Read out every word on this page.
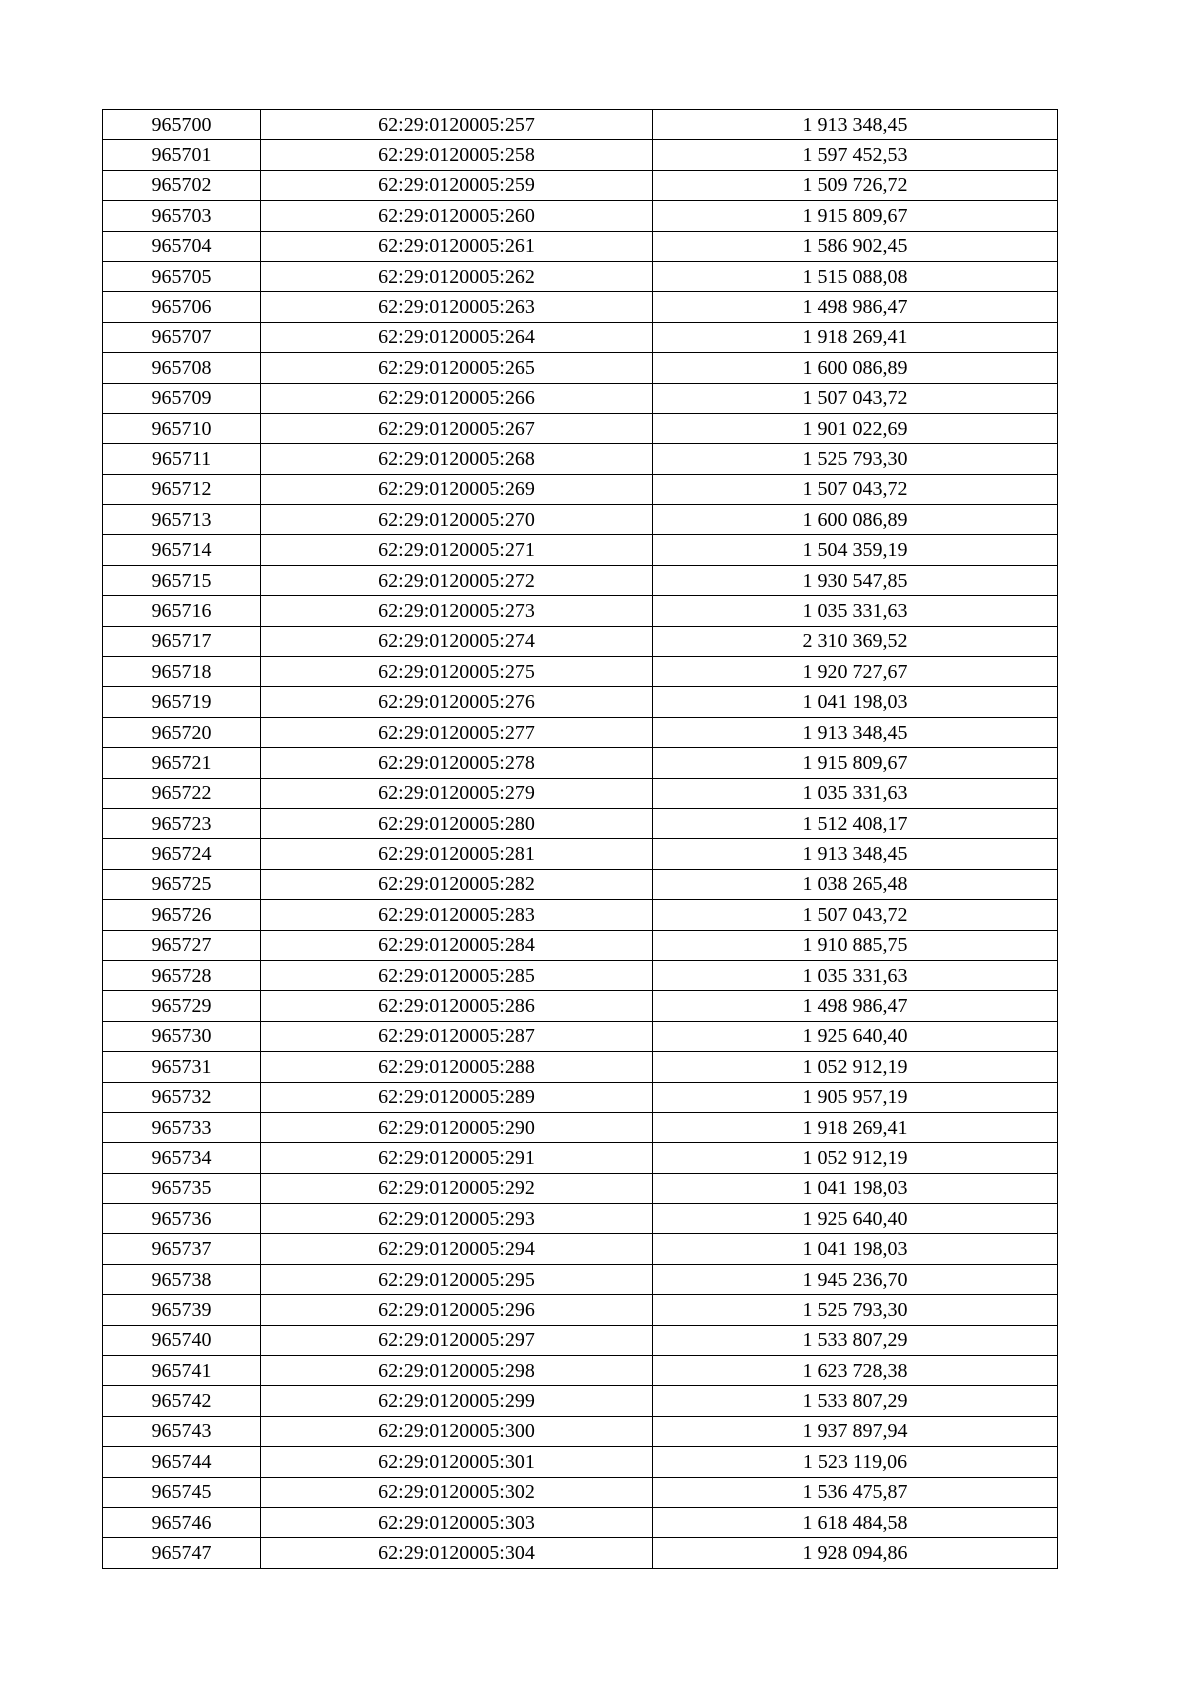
965700	62:29:0120005:257	1 913 348,45
965701	62:29:0120005:258	1 597 452,53
965702	62:29:0120005:259	1 509 726,72
965703	62:29:0120005:260	1 915 809,67
965704	62:29:0120005:261	1 586 902,45
965705	62:29:0120005:262	1 515 088,08
965706	62:29:0120005:263	1 498 986,47
965707	62:29:0120005:264	1 918 269,41
965708	62:29:0120005:265	1 600 086,89
965709	62:29:0120005:266	1 507 043,72
965710	62:29:0120005:267	1 901 022,69
965711	62:29:0120005:268	1 525 793,30
965712	62:29:0120005:269	1 507 043,72
965713	62:29:0120005:270	1 600 086,89
965714	62:29:0120005:271	1 504 359,19
965715	62:29:0120005:272	1 930 547,85
965716	62:29:0120005:273	1 035 331,63
965717	62:29:0120005:274	2 310 369,52
965718	62:29:0120005:275	1 920 727,67
965719	62:29:0120005:276	1 041 198,03
965720	62:29:0120005:277	1 913 348,45
965721	62:29:0120005:278	1 915 809,67
965722	62:29:0120005:279	1 035 331,63
965723	62:29:0120005:280	1 512 408,17
965724	62:29:0120005:281	1 913 348,45
965725	62:29:0120005:282	1 038 265,48
965726	62:29:0120005:283	1 507 043,72
965727	62:29:0120005:284	1 910 885,75
965728	62:29:0120005:285	1 035 331,63
965729	62:29:0120005:286	1 498 986,47
965730	62:29:0120005:287	1 925 640,40
965731	62:29:0120005:288	1 052 912,19
965732	62:29:0120005:289	1 905 957,19
965733	62:29:0120005:290	1 918 269,41
965734	62:29:0120005:291	1 052 912,19
965735	62:29:0120005:292	1 041 198,03
965736	62:29:0120005:293	1 925 640,40
965737	62:29:0120005:294	1 041 198,03
965738	62:29:0120005:295	1 945 236,70
965739	62:29:0120005:296	1 525 793,30
965740	62:29:0120005:297	1 533 807,29
965741	62:29:0120005:298	1 623 728,38
965742	62:29:0120005:299	1 533 807,29
965743	62:29:0120005:300	1 937 897,94
965744	62:29:0120005:301	1 523 119,06
965745	62:29:0120005:302	1 536 475,87
965746	62:29:0120005:303	1 618 484,58
965747	62:29:0120005:304	1 928 094,86
